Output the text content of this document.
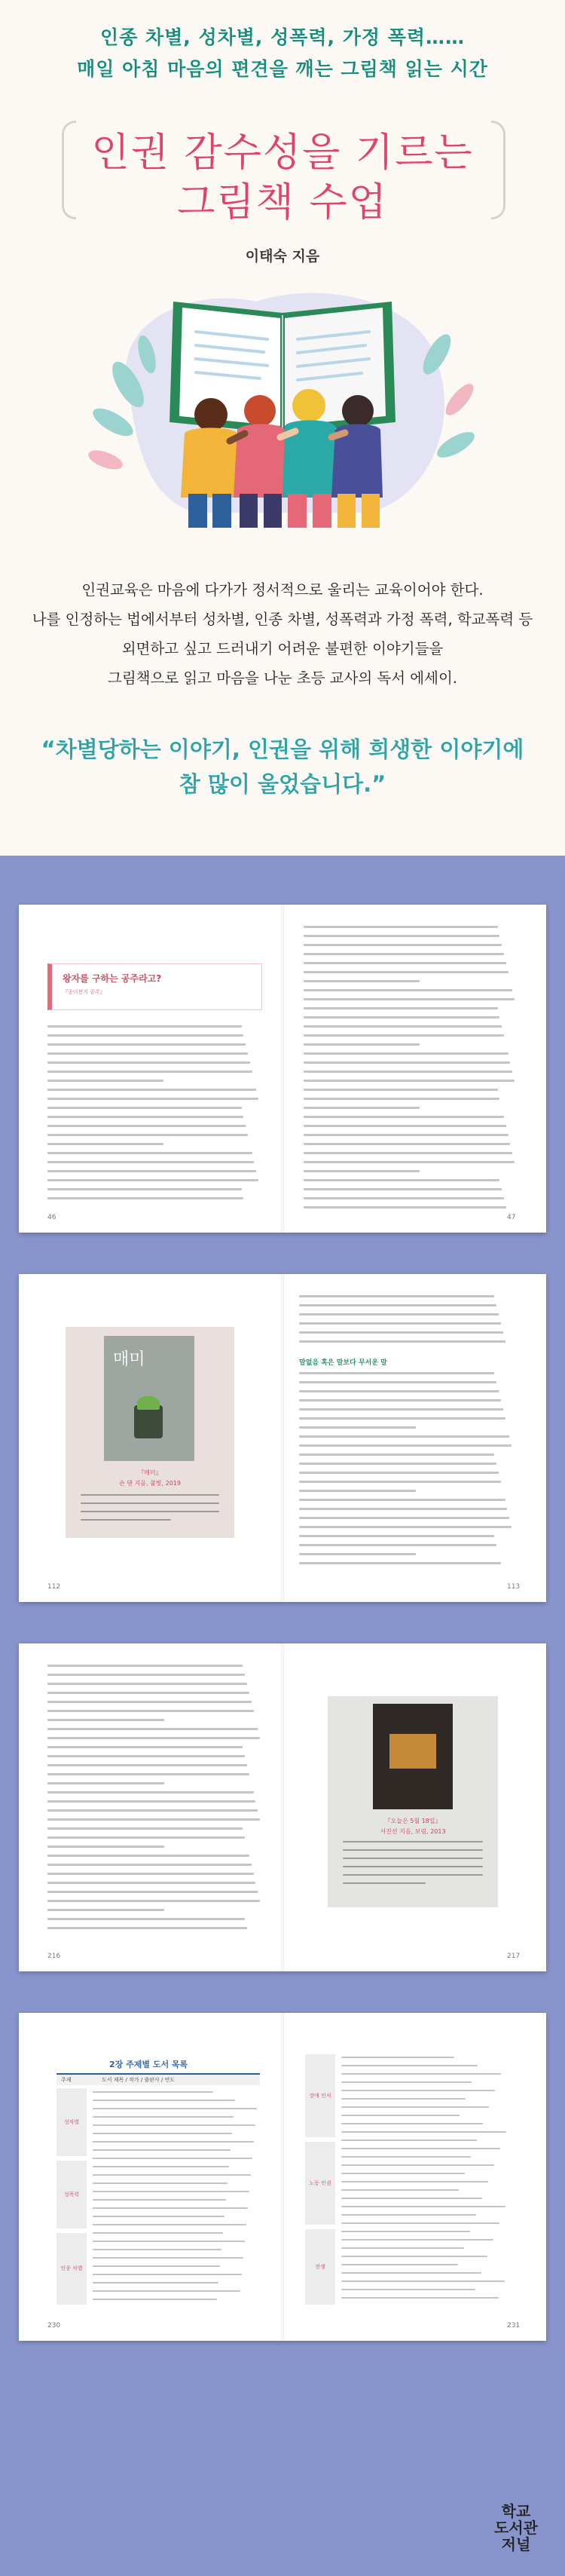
인종 차별, 성차별, 성폭력, 가정 폭력……
매일 아침 마음의 편견을 깨는 그림책 읽는 시간
인권 감수성을 기르는
그림책 수업
이태숙 지음
인권교육은 마음에 다가가 정서적으로 울리는 교육이어야 한다.
나를 인정하는 법에서부터 성차별, 인종 차별, 성폭력과 가정 폭력, 학교폭력 등
외면하고 싶고 드러내기 어려운 불편한 이야기들을
그림책으로 읽고 마음을 나눈 초등 교사의 독서 에세이.
“차별당하는 이야기, 인권을 위해 희생한 이야기에
참 많이 울었습니다.”
왕자를 구하는 공주라고?
『종이봉지 공주』
46	47
매미
『매미』
숀 탠 지음, 풀빛, 2019
말없음 혹은 말보다 무서운 말
112	113
『오늘은 5월 18일』
서진선 지음, 보림, 2013
216	217
2장 주제별 도서 목록
주제	도서 제목 / 작가 / 출판사 / 연도
성차별
성폭력
인종 차별
장애 인식
노동 인권
전쟁
230	231
학교
도서관
저널
